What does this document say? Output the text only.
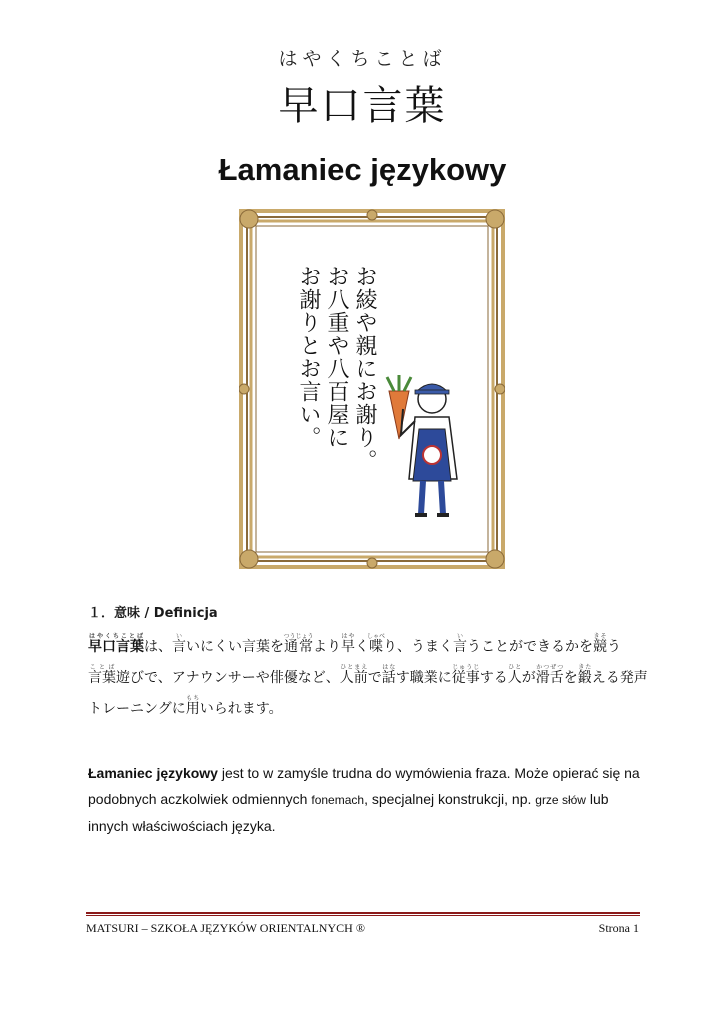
はやくちことば
早口言葉
Łamaniec językowy
お綾や親にお謝り。
お八重や八百屋に
お謝りとお言い。
１．意味 / Definicja
早口言葉はやくちことばは、言いいにくい言葉を通常つうじょうより早はやく喋しゃべり、うまく言いうことができるかを競きそう言葉ことば遊びで、アナウンサーや俳優など、人前ひとまえで話はなす職業に従事じゅうじする人ひとが滑舌かつぜつを鍛きたえる発声トレーニングに用もちいられます。
Łamaniec językowy jest to w zamyśle trudna do wymówienia fraza. Może opierać się na podobnych aczkolwiek odmiennych fonemach, specjalnej konstrukcji, np. grze słów lub innych właściwościach języka.
MATSURI – SZKOŁA JĘZYKÓW ORIENTALNYCH ®	Strona 1
